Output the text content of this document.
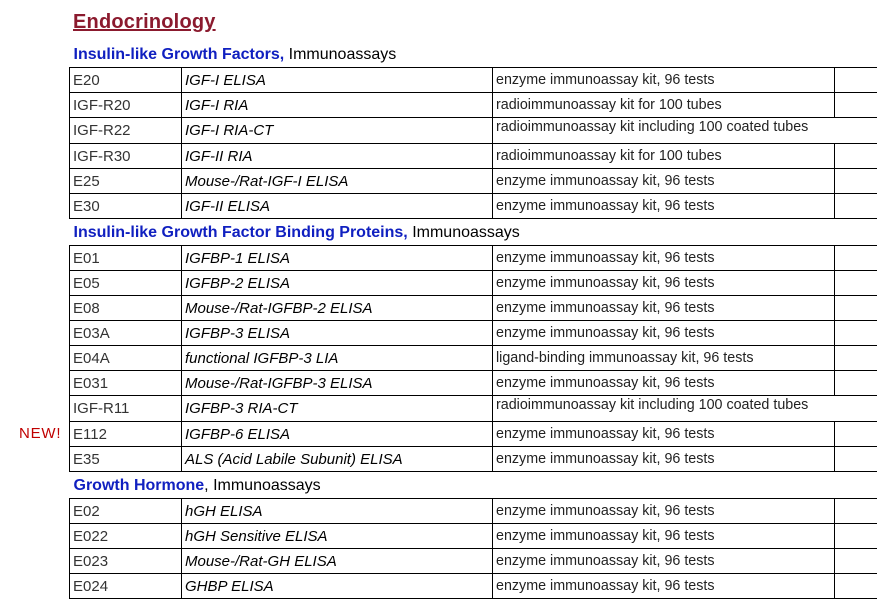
Endocrinology
NEW!
Insulin-like Growth Factors, Immunoassays			
E20	IGF-I ELISA	enzyme immunoassay kit, 96 tests	
IGF-R20	IGF-I RIA	radioimmunoassay kit for 100 tubes	
IGF-R22	IGF-I RIA-CT	radioimmunoassay kit including 100 coated tubes	
IGF-R30	IGF-II RIA	radioimmunoassay kit for 100 tubes	
E25	Mouse-/Rat-IGF-I ELISA	enzyme immunoassay kit, 96 tests	
E30	IGF-II ELISA	enzyme immunoassay kit, 96 tests	
Insulin-like Growth Factor Binding Proteins, Immunoassays			
E01	IGFBP-1 ELISA	enzyme immunoassay kit, 96 tests	
E05	IGFBP-2 ELISA	enzyme immunoassay kit, 96 tests	
E08	Mouse-/Rat-IGFBP-2 ELISA	enzyme immunoassay kit, 96 tests	
E03A	IGFBP-3 ELISA	enzyme immunoassay kit, 96 tests	
E04A	functional IGFBP-3 LIA	ligand-binding immunoassay kit, 96 tests	
E031	Mouse-/Rat-IGFBP-3 ELISA	enzyme immunoassay kit, 96 tests	
IGF-R11	IGFBP-3 RIA-CT	radioimmunoassay kit including 100 coated tubes	
E112	IGFBP-6 ELISA	enzyme immunoassay kit, 96 tests	
E35	ALS (Acid Labile Subunit) ELISA	enzyme immunoassay kit, 96 tests	
Growth Hormone, Immunoassays			
E02	hGH ELISA	enzyme immunoassay kit, 96 tests	
E022	hGH Sensitive ELISA	enzyme immunoassay kit, 96 tests	
E023	Mouse-/Rat-GH ELISA	enzyme immunoassay kit, 96 tests	
E024	GHBP ELISA	enzyme immunoassay kit, 96 tests	
